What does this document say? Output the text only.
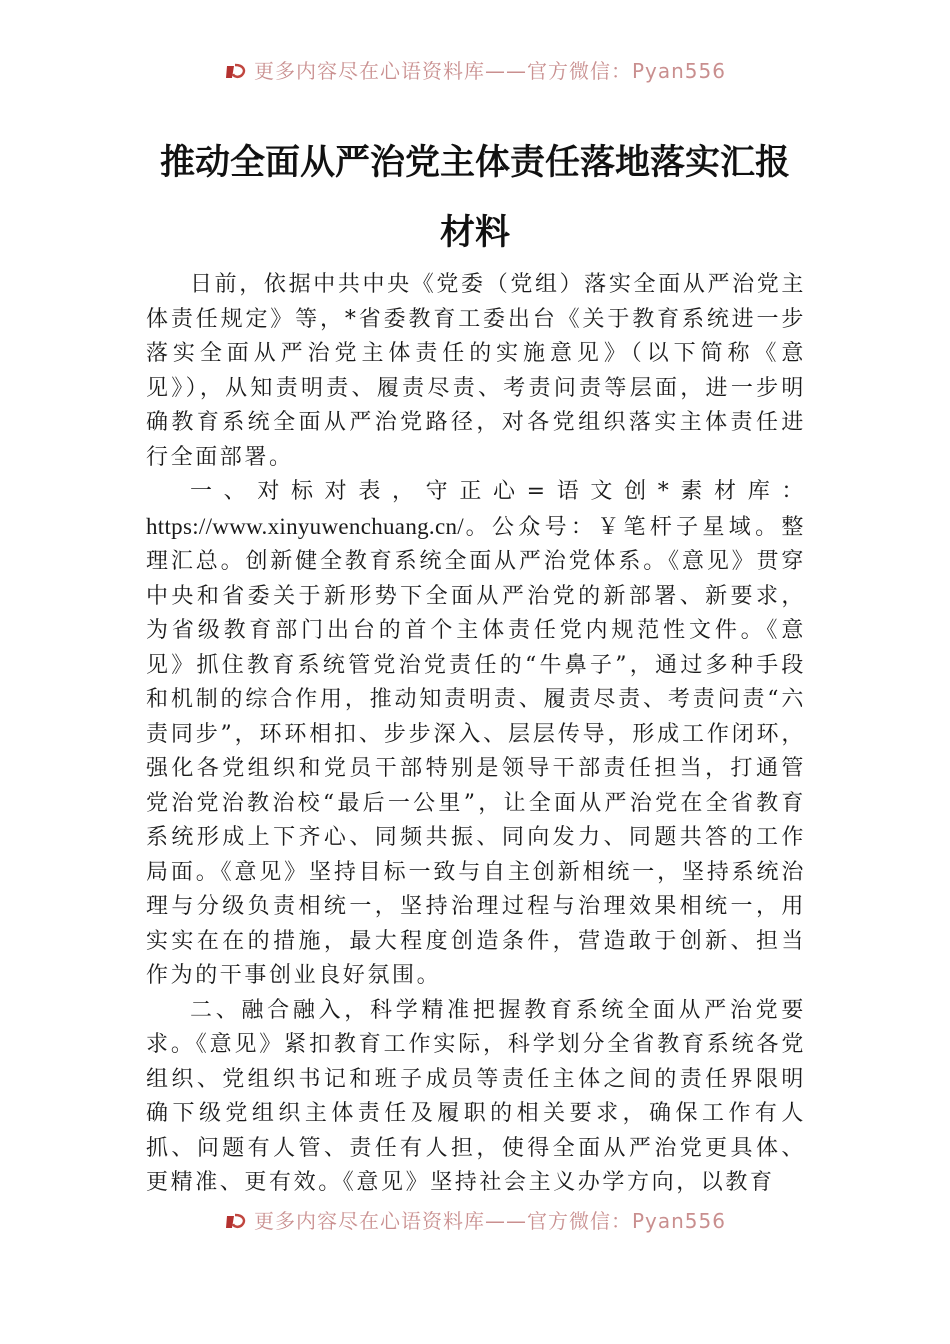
更多内容尽在心语资料库——官方微信：Pyan556
推动全面从严治党主体责任落地落实汇报
材料

日前，依据中共中央《党委（党组）落实全面从严治党主体责任规定》等，*省委教育工委出台《关于教育系统进一步落实全面从严治党主体责任的实施意见》（以下简称《意见》），从知责明责、履责尽责、考责问责等层面，进一步明确教育系统全面从严治党路径，对各党组织落实主体责任进行全面部署。

一、对标对表，守正心=语文创*素材库：https://www.xinyuwenchuang.cn/。公众号：￥笔杆子星域。整理汇总。创新健全教育系统全面从严治党体系。《意见》贯穿中央和省委关于新形势下全面从严治党的新部署、新要求，为省级教育部门出台的首个主体责任党内规范性文件。《意见》抓住教育系统管党治党责任的“牛鼻子”，通过多种手段和机制的综合作用，推动知责明责、履责尽责、考责问责“六责同步”，环环相扣、步步深入、层层传导，形成工作闭环，强化各党组织和党员干部特别是领导干部责任担当，打通管党治党治教治校“最后一公里”，让全面从严治党在全省教育系统形成上下齐心、同频共振、同向发力、同题共答的工作局面。《意见》坚持目标一致与自主创新相统一，坚持系统治理与分级负责相统一，坚持治理过程与治理效果相统一，用实实在在的措施，最大程度创造条件，营造敢于创新、担当作为的干事创业良好氛围。

二、融合融入，科学精准把握教育系统全面从严治党要求。《意见》紧扣教育工作实际，科学划分全省教育系统各党组织、党组织书记和班子成员等责任主体之间的责任界限明确下级党组织主体责任及履职的相关要求，确保工作有人抓、问题有人管、责任有人担，使得全面从严治党更具体、更精准、更有效。《意见》坚持社会主义办学方向，以教育

更多内容尽在心语资料库——官方微信：Pyan556
